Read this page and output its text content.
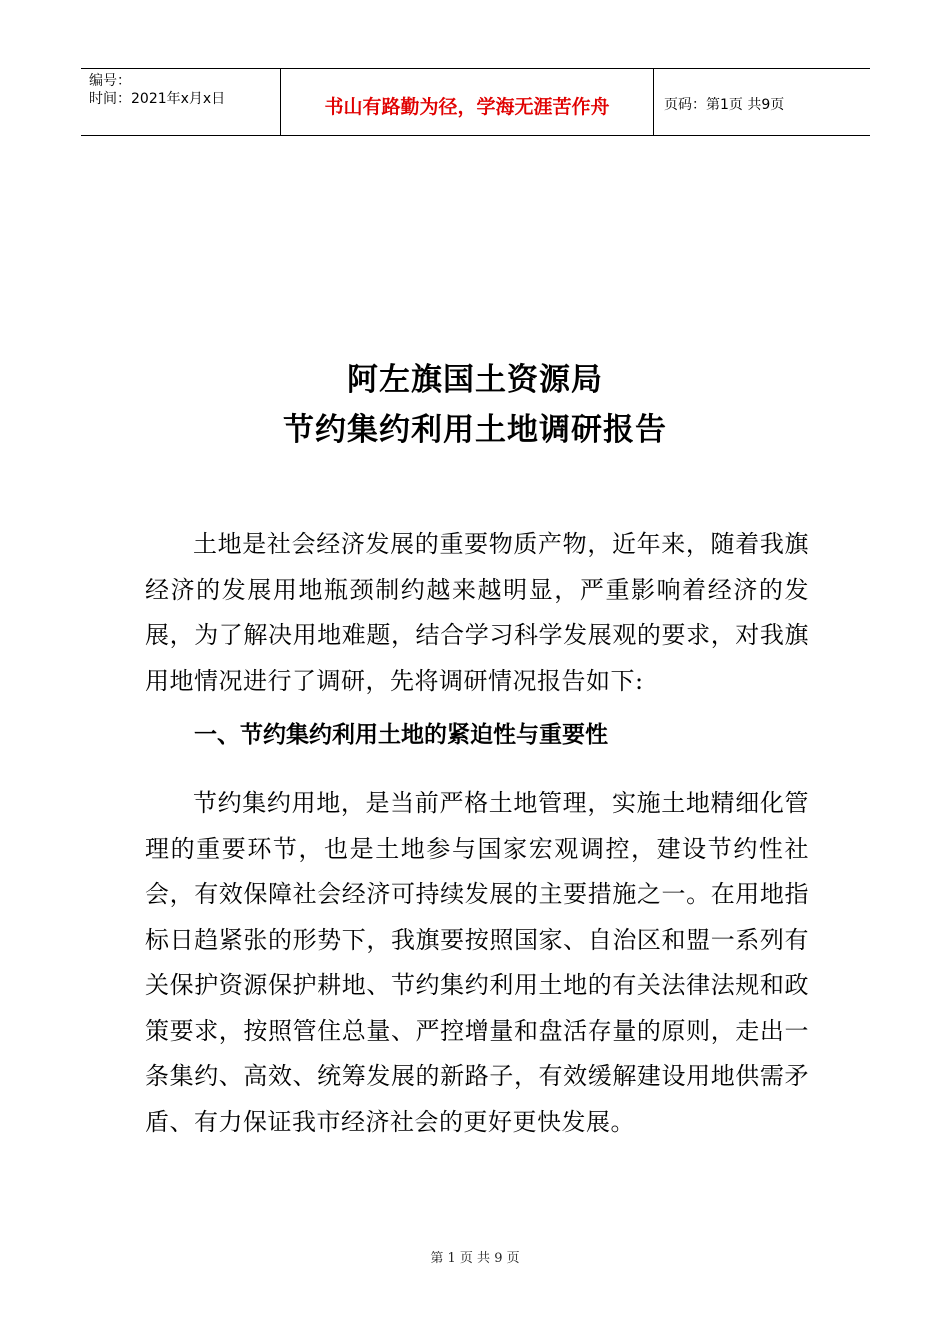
编号：
时间：2021年x月x日	书山有路勤为径，学海无涯苦作舟	页码：第1页 共9页
阿左旗国土资源局
节约集约利用土地调研报告

土地是社会经济发展的重要物质产物，近年来，随着我旗经济的发展用地瓶颈制约越来越明显，严重影响着经济的发展，为了解决用地难题，结合学习科学发展观的要求，对我旗用地情况进行了调研，先将调研情况报告如下:

一、节约集约利用土地的紧迫性与重要性

节约集约用地，是当前严格土地管理，实施土地精细化管理的重要环节，也是土地参与国家宏观调控，建设节约性社会，有效保障社会经济可持续发展的主要措施之一。在用地指标日趋紧张的形势下，我旗要按照国家、自治区和盟一系列有关保护资源保护耕地、节约集约利用土地的有关法律法规和政策要求，按照管住总量、严控增量和盘活存量的原则，走出一条集约、高效、统筹发展的新路子，有效缓解建设用地供需矛盾、有力保证我市经济社会的更好更快发展。

第 1 页 共 9 页
